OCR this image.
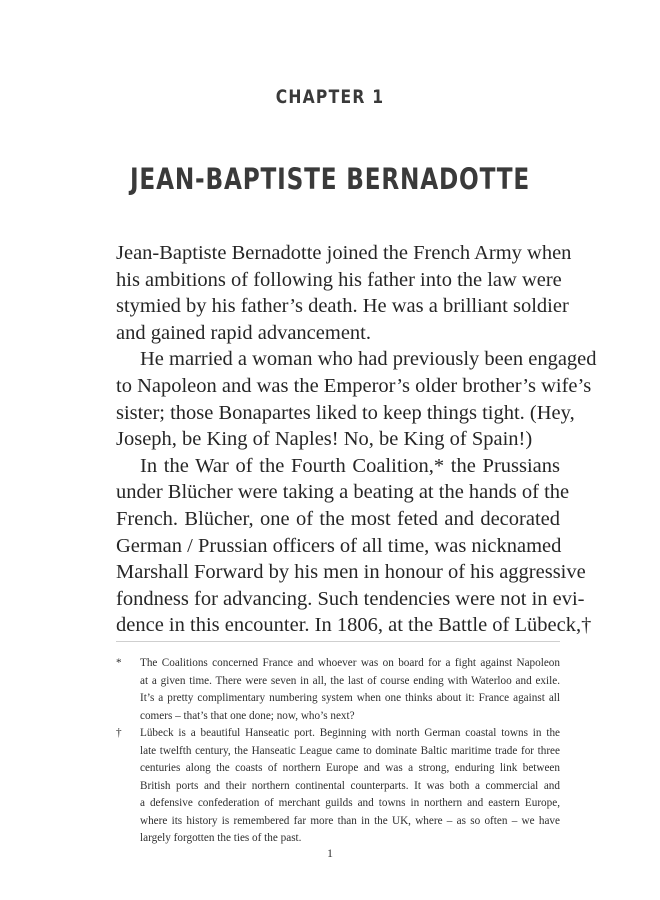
CHAPTER 1
JEAN-BAPTISTE BERNADOTTE
Jean-Baptiste Bernadotte joined the French Army when
his ambitions of following his father into the law were
stymied by his father’s death. He was a brilliant soldier
and gained rapid advancement.
He married a woman who had previously been engaged
to Napoleon and was the Emperor’s older brother’s wife’s
sister; those Bonapartes liked to keep things tight. (Hey,
Joseph, be King of Naples! No, be King of Spain!)
In the War of the Fourth Coalition,* the Prussians
under Blücher were taking a beating at the hands of the
French. Blücher, one of the most feted and decorated
German / Prussian officers of all time, was nicknamed
Marshall Forward by his men in honour of his aggressive
fondness for advancing. Such tendencies were not in evi-
dence in this encounter. In 1806, at the Battle of Lübeck,†
* The Coalitions concerned France and whoever was on board for a fight against Napoleon
at a given time. There were seven in all, the last of course ending with Waterloo and exile.
It’s a pretty complimentary numbering system when one thinks about it: France against all
comers – that’s that one done; now, who’s next?
† Lübeck is a beautiful Hanseatic port. Beginning with north German coastal towns in the
late twelfth century, the Hanseatic League came to dominate Baltic maritime trade for three
centuries along the coasts of northern Europe and was a strong, enduring link between
British ports and their northern continental counterparts. It was both a commercial and
a defensive confederation of merchant guilds and towns in northern and eastern Europe,
where its history is remembered far more than in the UK, where – as so often – we have
largely forgotten the ties of the past.
1
